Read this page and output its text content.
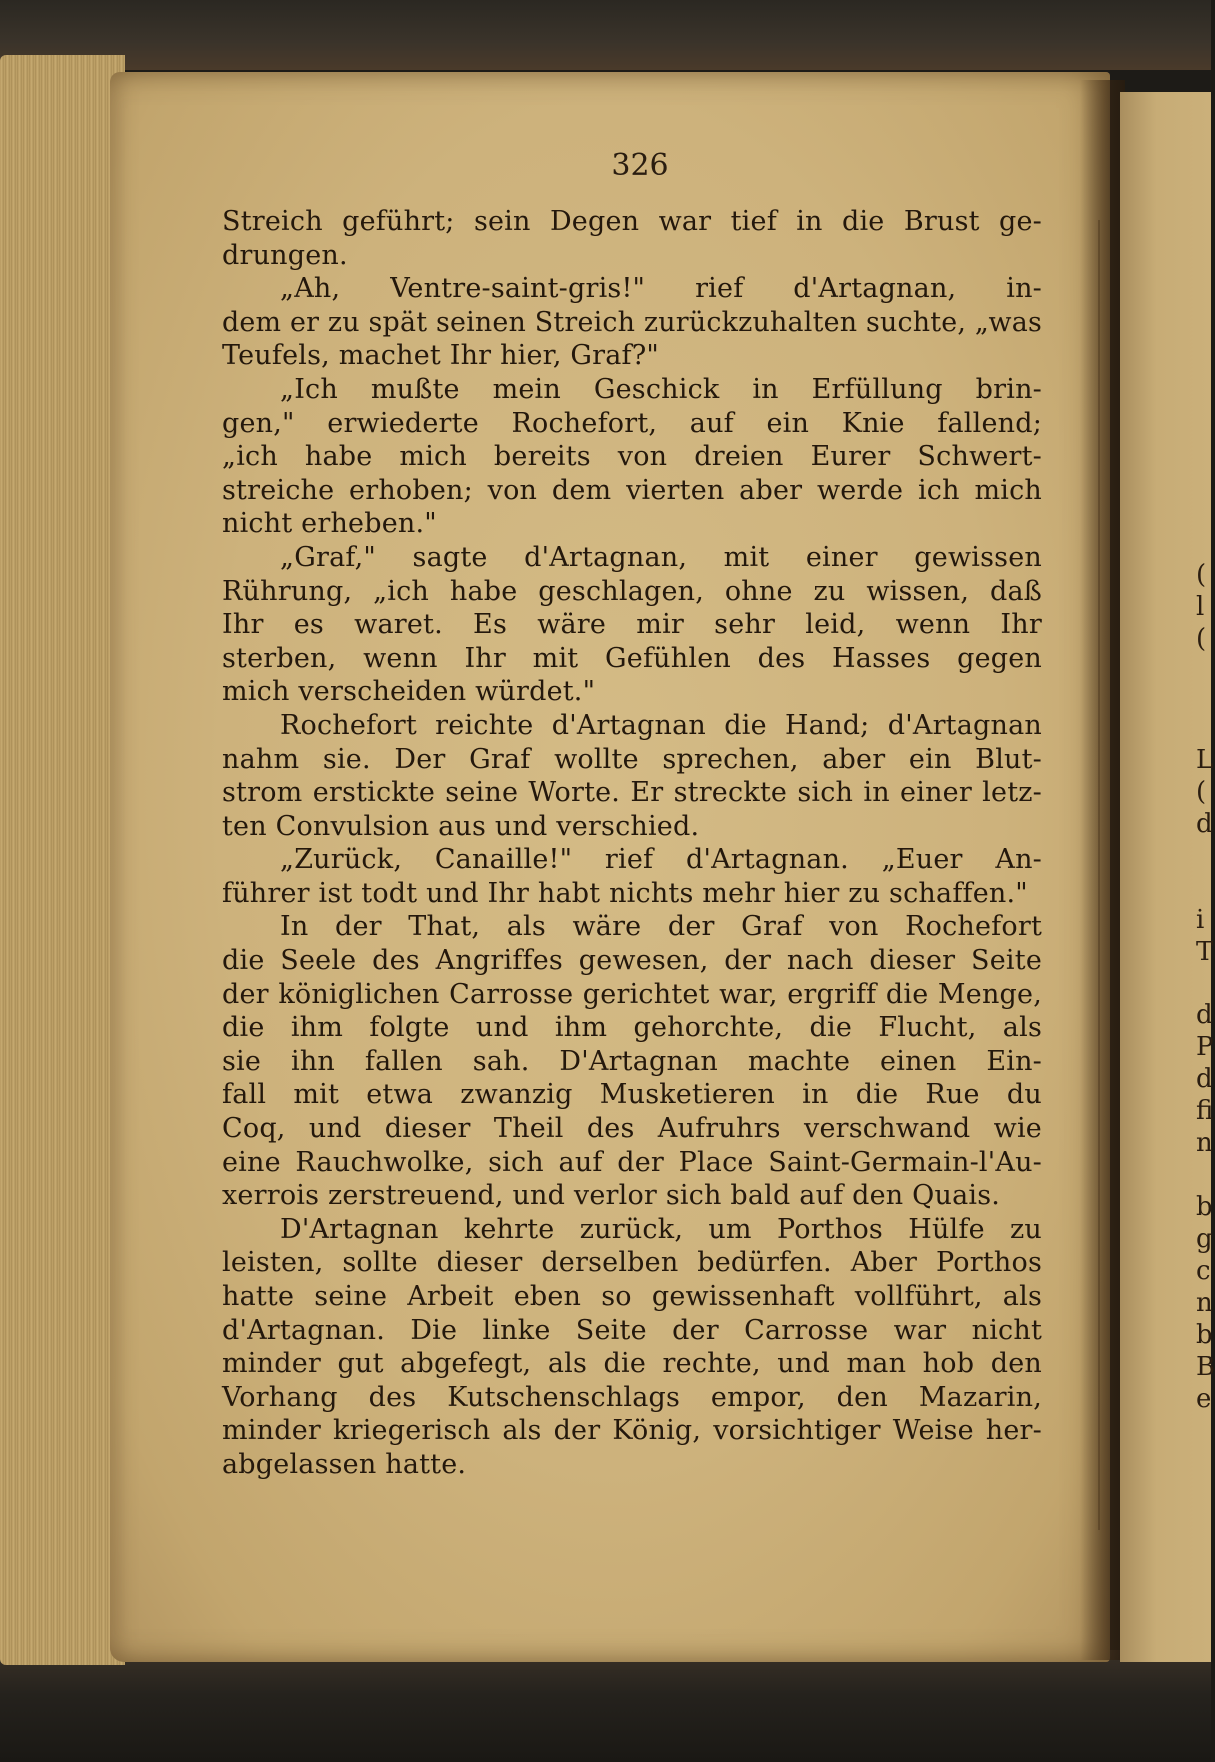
326

Streich geführt; sein Degen war tief in die Brust ge-
drungen.

„Ah, Ventre-saint-gris!" rief d'Artagnan, in-
dem er zu spät seinen Streich zurückzuhalten suchte, „was
Teufels, machet Ihr hier, Graf?"

„Ich mußte mein Geschick in Erfüllung brin-
gen," erwiederte Rochefort, auf ein Knie fallend;
„ich habe mich bereits von dreien Eurer Schwert-
streiche erhoben; von dem vierten aber werde ich mich
nicht erheben."

„Graf," sagte d'Artagnan, mit einer gewissen
Rührung, „ich habe geschlagen, ohne zu wissen, daß
Ihr es waret. Es wäre mir sehr leid, wenn Ihr
sterben, wenn Ihr mit Gefühlen des Hasses gegen
mich verscheiden würdet."

Rochefort reichte d'Artagnan die Hand; d'Artagnan
nahm sie. Der Graf wollte sprechen, aber ein Blut-
strom erstickte seine Worte. Er streckte sich in einer letz-
ten Convulsion aus und verschied.

„Zurück, Canaille!" rief d'Artagnan. „Euer An-
führer ist todt und Ihr habt nichts mehr hier zu schaffen."

In der That, als wäre der Graf von Rochefort
die Seele des Angriffes gewesen, der nach dieser Seite
der königlichen Carrosse gerichtet war, ergriff die Menge,
die ihm folgte und ihm gehorchte, die Flucht, als
sie ihn fallen sah. D'Artagnan machte einen Ein-
fall mit etwa zwanzig Musketieren in die Rue du
Coq, und dieser Theil des Aufruhrs verschwand wie
eine Rauchwolke, sich auf der Place Saint-Germain-l'Au-
xerrois zerstreuend, und verlor sich bald auf den Quais.

D'Artagnan kehrte zurück, um Porthos Hülfe zu
leisten, sollte dieser derselben bedürfen. Aber Porthos
hatte seine Arbeit eben so gewissenhaft vollführt, als
d'Artagnan. Die linke Seite der Carrosse war nicht
minder gut abgefegt, als die rechte, und man hob den
Vorhang des Kutschenschlags empor, den Mazarin,
minder kriegerisch als der König, vorsichtiger Weise her-
abgelassen hatte.

(
l
(
L
(
d
i
T
d
P
d
fi
n
b
g
c
n
b
B
e
